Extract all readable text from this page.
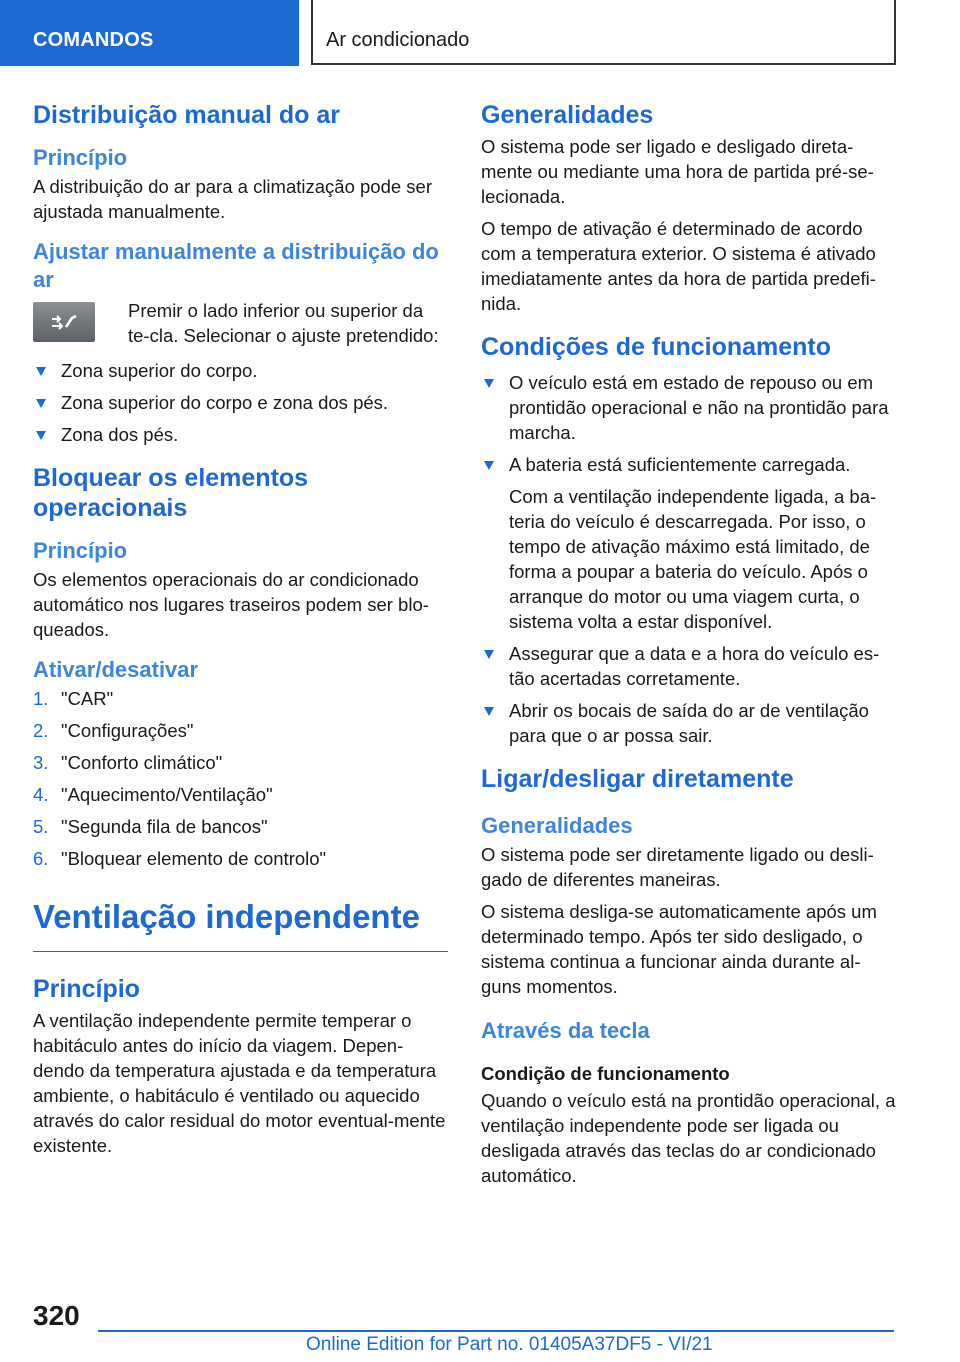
COMANDOS	Ar condicionado
Distribuição manual do ar
Princípio

A distribuição do ar para a climatização pode ser ajustada manualmente.

Ajustar manualmente a distribuição do ar

Premir o lado inferior ou superior da te‐cla. Selecionar o ajuste pretendido:

Zona superior do corpo.
Zona superior do corpo e zona dos pés.
Zona dos pés.
Bloquear os elementos operacionais
Princípio

Os elementos operacionais do ar condicionado automático nos lugares traseiros podem ser blo‐queados.

Ativar/desativar
1. "CAR"
2. "Configurações"
3. "Conforto climático"
4. "Aquecimento/Ventilação"
5. "Segunda fila de bancos"
6. "Bloquear elemento de controlo"
Ventilação independente
Princípio

A ventilação independente permite temperar o habitáculo antes do início da viagem. Depen‐dendo da temperatura ajustada e da temperatura ambiente, o habitáculo é ventilado ou aquecido através do calor residual do motor eventual‐mente existente.

Generalidades

O sistema pode ser ligado e desligado direta‐mente ou mediante uma hora de partida pré-se‐lecionada.

O tempo de ativação é determinado de acordo com a temperatura exterior. O sistema é ativado imediatamente antes da hora de partida predefi‐nida.

Condições de funcionamento
O veículo está em estado de repouso ou em prontidão operacional e não na prontidão para marcha.
A bateria está suficientemente carregada.
Com a ventilação independente ligada, a ba‐teria do veículo é descarregada. Por isso, o tempo de ativação máximo está limitado, de forma a poupar a bateria do veículo. Após o arranque do motor ou uma viagem curta, o sistema volta a estar disponível.
Assegurar que a data e a hora do veículo es‐tão acertadas corretamente.
Abrir os bocais de saída do ar de ventilação para que o ar possa sair.
Ligar/desligar diretamente
Generalidades

O sistema pode ser diretamente ligado ou desli‐gado de diferentes maneiras.

O sistema desliga-se automaticamente após um determinado tempo. Após ter sido desligado, o sistema continua a funcionar ainda durante al‐guns momentos.

Através da tecla
Condição de funcionamento

Quando o veículo está na prontidão operacional, a ventilação independente pode ser ligada ou desligada através das teclas do ar condicionado automático.

320
Online Edition for Part no. 01405A37DF5 - VI/21
